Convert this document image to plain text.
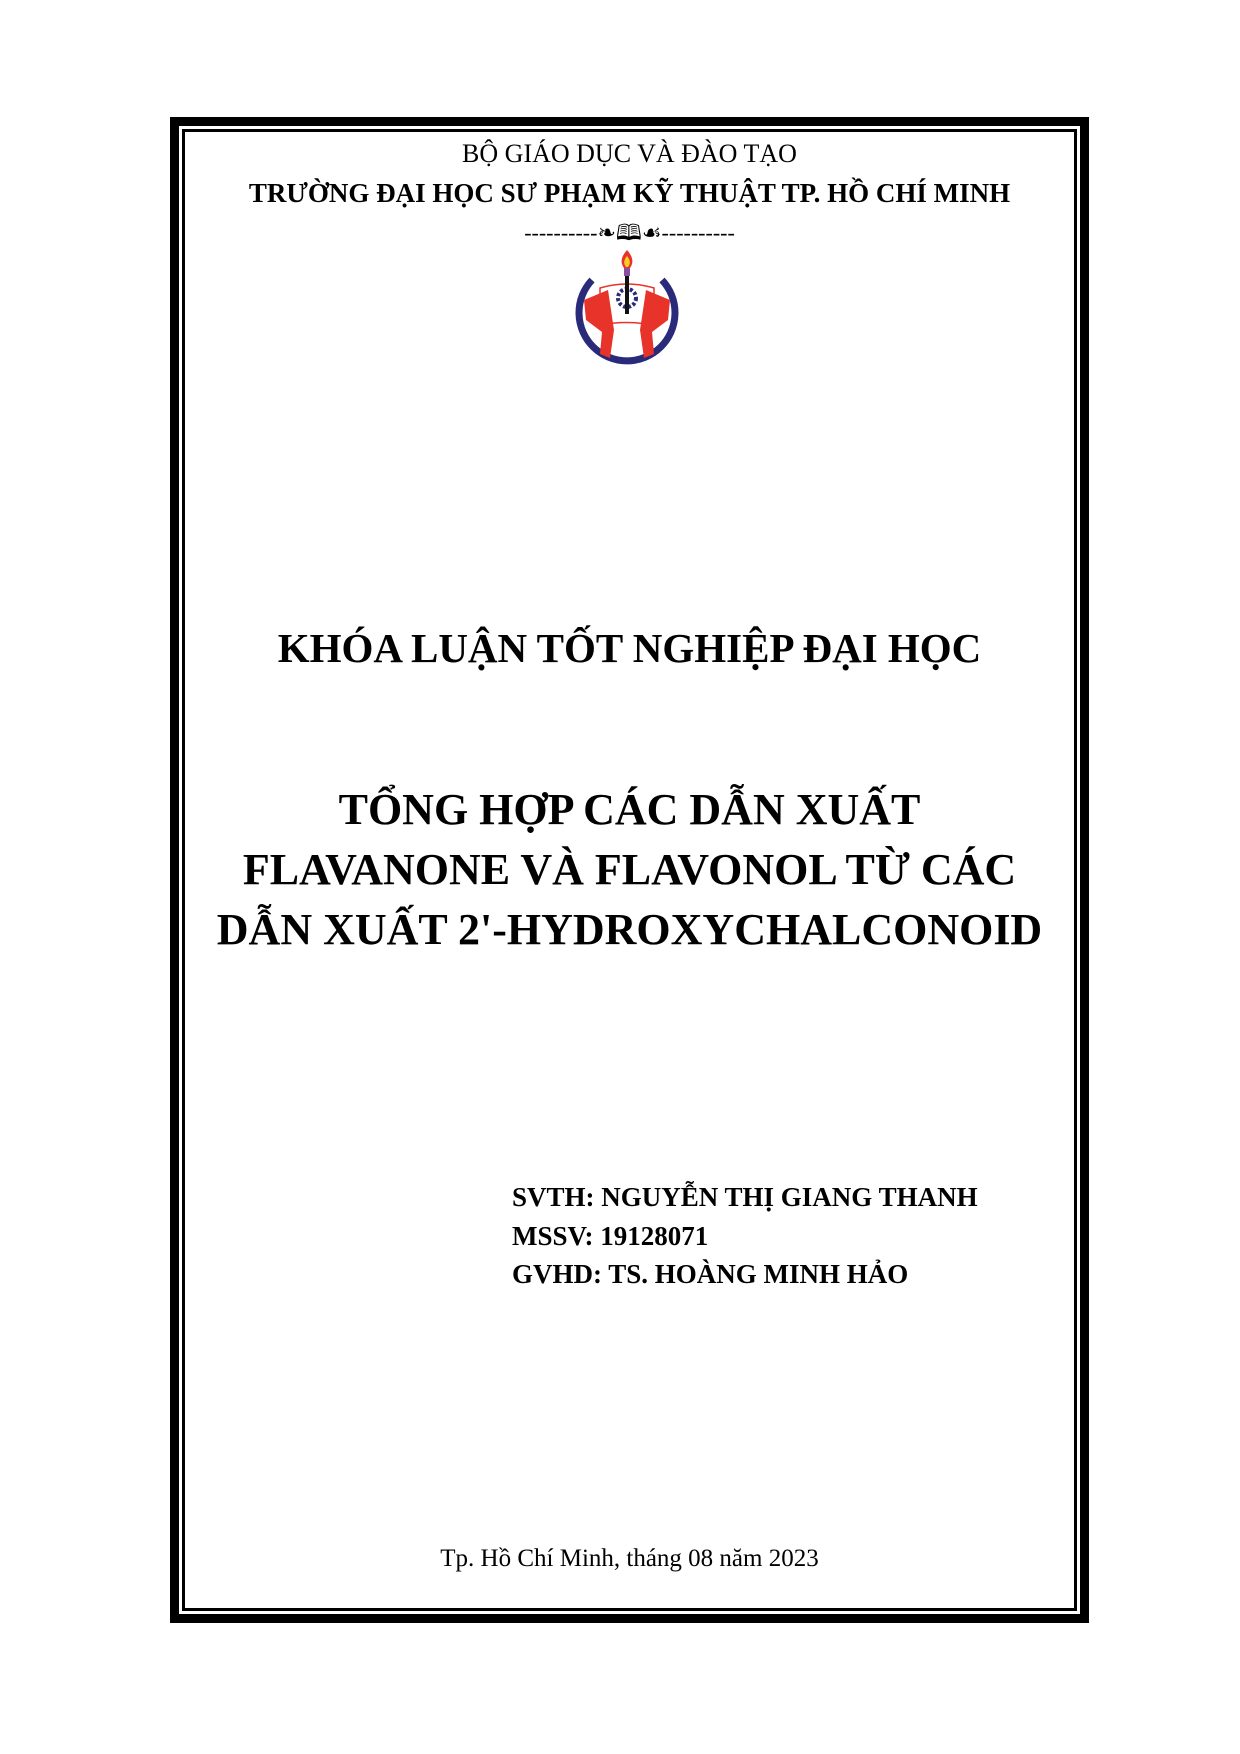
BỘ GIÁO DỤC VÀ ĐÀO TẠO
TRƯỜNG ĐẠI HỌC SƯ PHẠM KỸ THUẬT TP. HỒ CHÍ MINH
----------❧🕮☙----------
KHÓA LUẬN TỐT NGHIỆP ĐẠI HỌC
TỔNG HỢP CÁC DẪN XUẤT
FLAVANONE VÀ FLAVONOL TỪ CÁC
DẪN XUẤT 2'-HYDROXYCHALCONOID
SVTH: NGUYỄN THỊ GIANG THANH
MSSV: 19128071
GVHD: TS. HOÀNG MINH HẢO
Tp. Hồ Chí Minh, tháng 08 năm 2023
